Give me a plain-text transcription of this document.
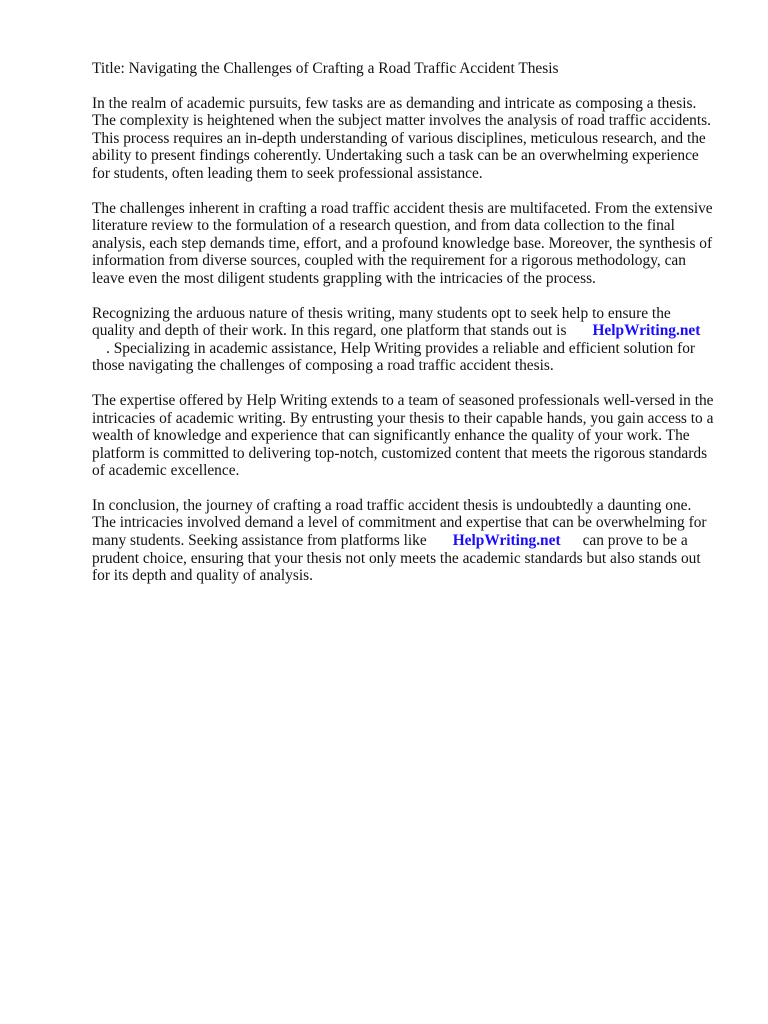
Title: Navigating the Challenges of Crafting a Road Traffic Accident Thesis

In the realm of academic pursuits, few tasks are as demanding and intricate as composing a thesis.
The complexity is heightened when the subject matter involves the analysis of road traffic accidents.
This process requires an in-depth understanding of various disciplines, meticulous research, and the
ability to present findings coherently. Undertaking such a task can be an overwhelming experience
for students, often leading them to seek professional assistance.

The challenges inherent in crafting a road traffic accident thesis are multifaceted. From the extensive
literature review to the formulation of a research question, and from data collection to the final
analysis, each step demands time, effort, and a profound knowledge base. Moreover, the synthesis of
information from diverse sources, coupled with the requirement for a rigorous methodology, can
leave even the most diligent students grappling with the intricacies of the process.

Recognizing the arduous nature of thesis writing, many students opt to seek help to ensure the
quality and depth of their work. In this regard, one platform that stands out is HelpWriting.net
. Specializing in academic assistance, Help Writing provides a reliable and efficient solution for
those navigating the challenges of composing a road traffic accident thesis.

The expertise offered by Help Writing extends to a team of seasoned professionals well-versed in the
intricacies of academic writing. By entrusting your thesis to their capable hands, you gain access to a
wealth of knowledge and experience that can significantly enhance the quality of your work. The
platform is committed to delivering top-notch, customized content that meets the rigorous standards
of academic excellence.

In conclusion, the journey of crafting a road traffic accident thesis is undoubtedly a daunting one.
The intricacies involved demand a level of commitment and expertise that can be overwhelming for
many students. Seeking assistance from platforms like HelpWriting.net can prove to be a
prudent choice, ensuring that your thesis not only meets the academic standards but also stands out
for its depth and quality of analysis.
